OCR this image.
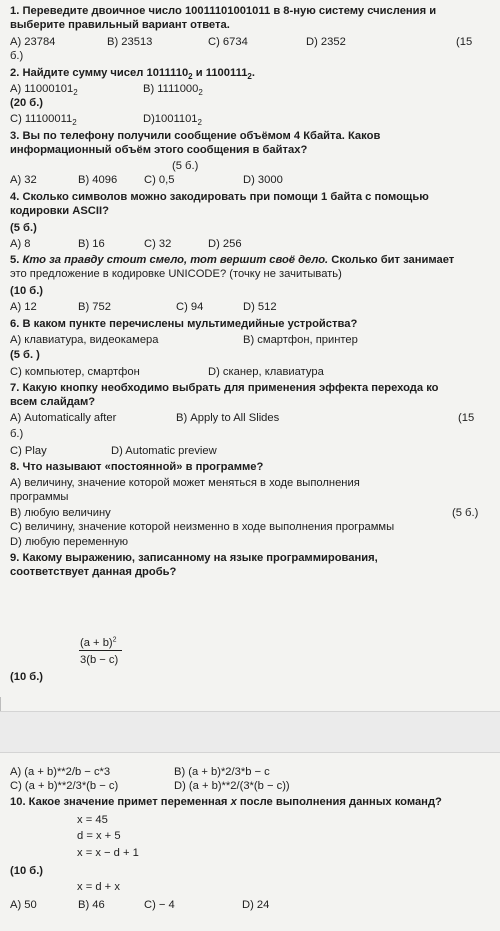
1. Переведите двоичное число 10011101001011 в 8-ную систему счисления и
выберите правильный вариант ответа.
А) 23784	В) 23513	С) 6734	D) 2352	(15
б.)
2. Найдите сумму чисел $1011110_2$ и $1100111_2$.
А) $11000101_2$	В) $1111000_2$
(20 б.)
С) $11100011_2$	$D)1001101_2$
3. Вы по телефону получили сообщение объёмом 4 Кбайта. Каков
информационный объём этого сообщения в байтах?
(5 б.)
А) 32	В) 4096 С) 0,5	D) 3000
4. Сколько символов можно закодировать при помощи 1 байта с помощью
кодировки ASCII?
(5 б.)
А) 8	В) 16	С) 32	D) 256
5. Кто за правду стоит смело, тот вершит своё дело. Сколько бит занимает
это предложение в кодировке UNICODE? (точку не зачитывать)
(10 б.)
А) 12	В) 752	С) 94	D) 512
6. В каком пункте перечислены мультимедийные устройства?
А) клавиатура, видеокамера	В) смартфон, принтер
(5 б. )
С) компьютер, смартфон	D) сканер, клавиатура
7. Какую кнопку необходимо выбрать для применения эффекта перехода ко
всем слайдам?
А) Automatically after	В) Apply to All Slides	(15
б.)
С) Play	D) Automatic preview
8. Что называют «постоянной» в программе?
А) величину, значение которой может меняться в ходе выполнения
программы
В) любую величину	(5 б.)
С) величину, значение которой неизменно в ходе выполнения программы
D) любую переменную
9. Какому выражению, записанному на языке программирования,
соответствует данная дробь?
$(a + b)^2$
3(b − c)
(10 б.)
А) (a + b)**2/b − c*3	B) (a + b)*2/3*b − c
С) (a + b)**2/3*(b − c)	D) (a + b)**2/(3*(b − c))
10. Какое значение примет переменная x после выполнения данных команд?
x = 45
d = x + 5
x = x − d + 1
(10 б.)
x = d + x
А) 50	В) 46	С) − 4	D) 24
